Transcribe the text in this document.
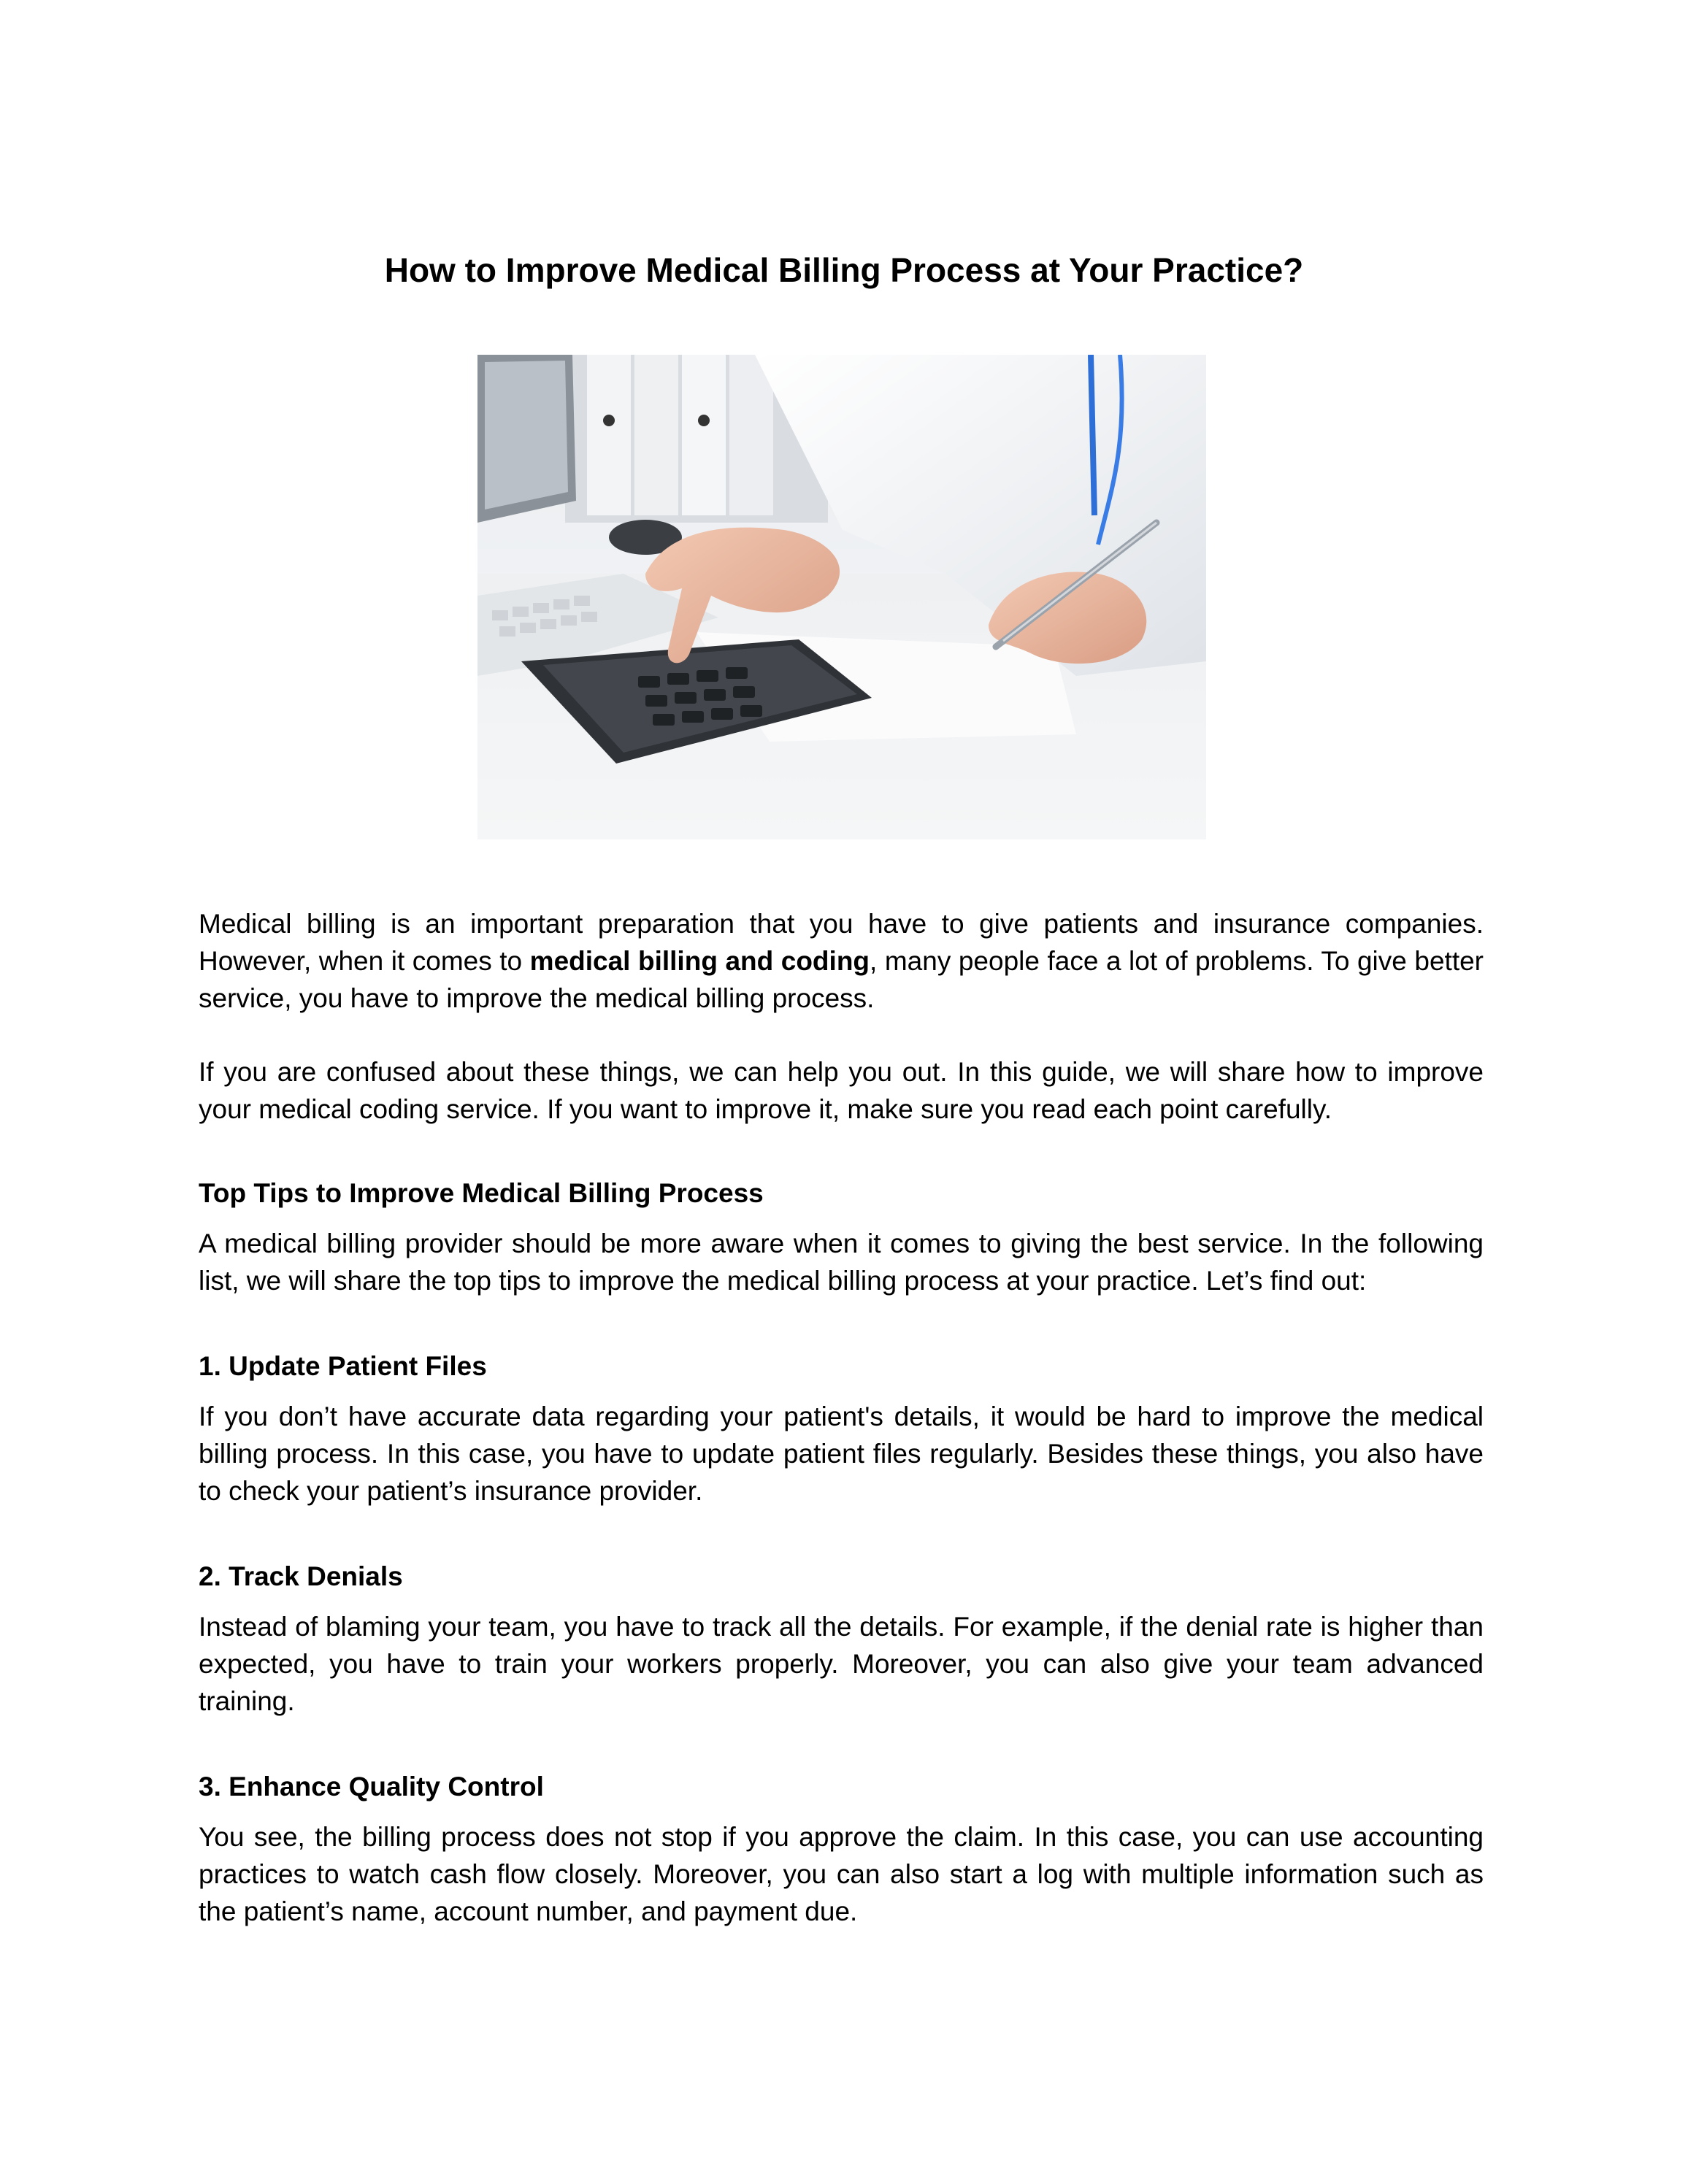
How to Improve Medical Billing Process at Your Practice?

Medical billing is an important preparation that you have to give patients and insurance companies. However, when it comes to medical billing and coding, many people face a lot of problems. To give better service, you have to improve the medical billing process.

If you are confused about these things, we can help you out. In this guide, we will share how to improve your medical coding service. If you want to improve it, make sure you read each point carefully.

Top Tips to Improve Medical Billing Process

A medical billing provider should be more aware when it comes to giving the best service. In the following list, we will share the top tips to improve the medical billing process at your practice. Let’s find out:

1. Update Patient Files

If you don’t have accurate data regarding your patient's details, it would be hard to improve the medical billing process. In this case, you have to update patient files regularly. Besides these things, you also have to check your patient’s insurance provider.

2. Track Denials

Instead of blaming your team, you have to track all the details. For example, if the denial rate is higher than expected, you have to train your workers properly. Moreover, you can also give your team advanced training.

3. Enhance Quality Control

You see, the billing process does not stop if you approve the claim. In this case, you can use accounting practices to watch cash flow closely. Moreover, you can also start a log with multiple information such as the patient’s name, account number, and payment due.
